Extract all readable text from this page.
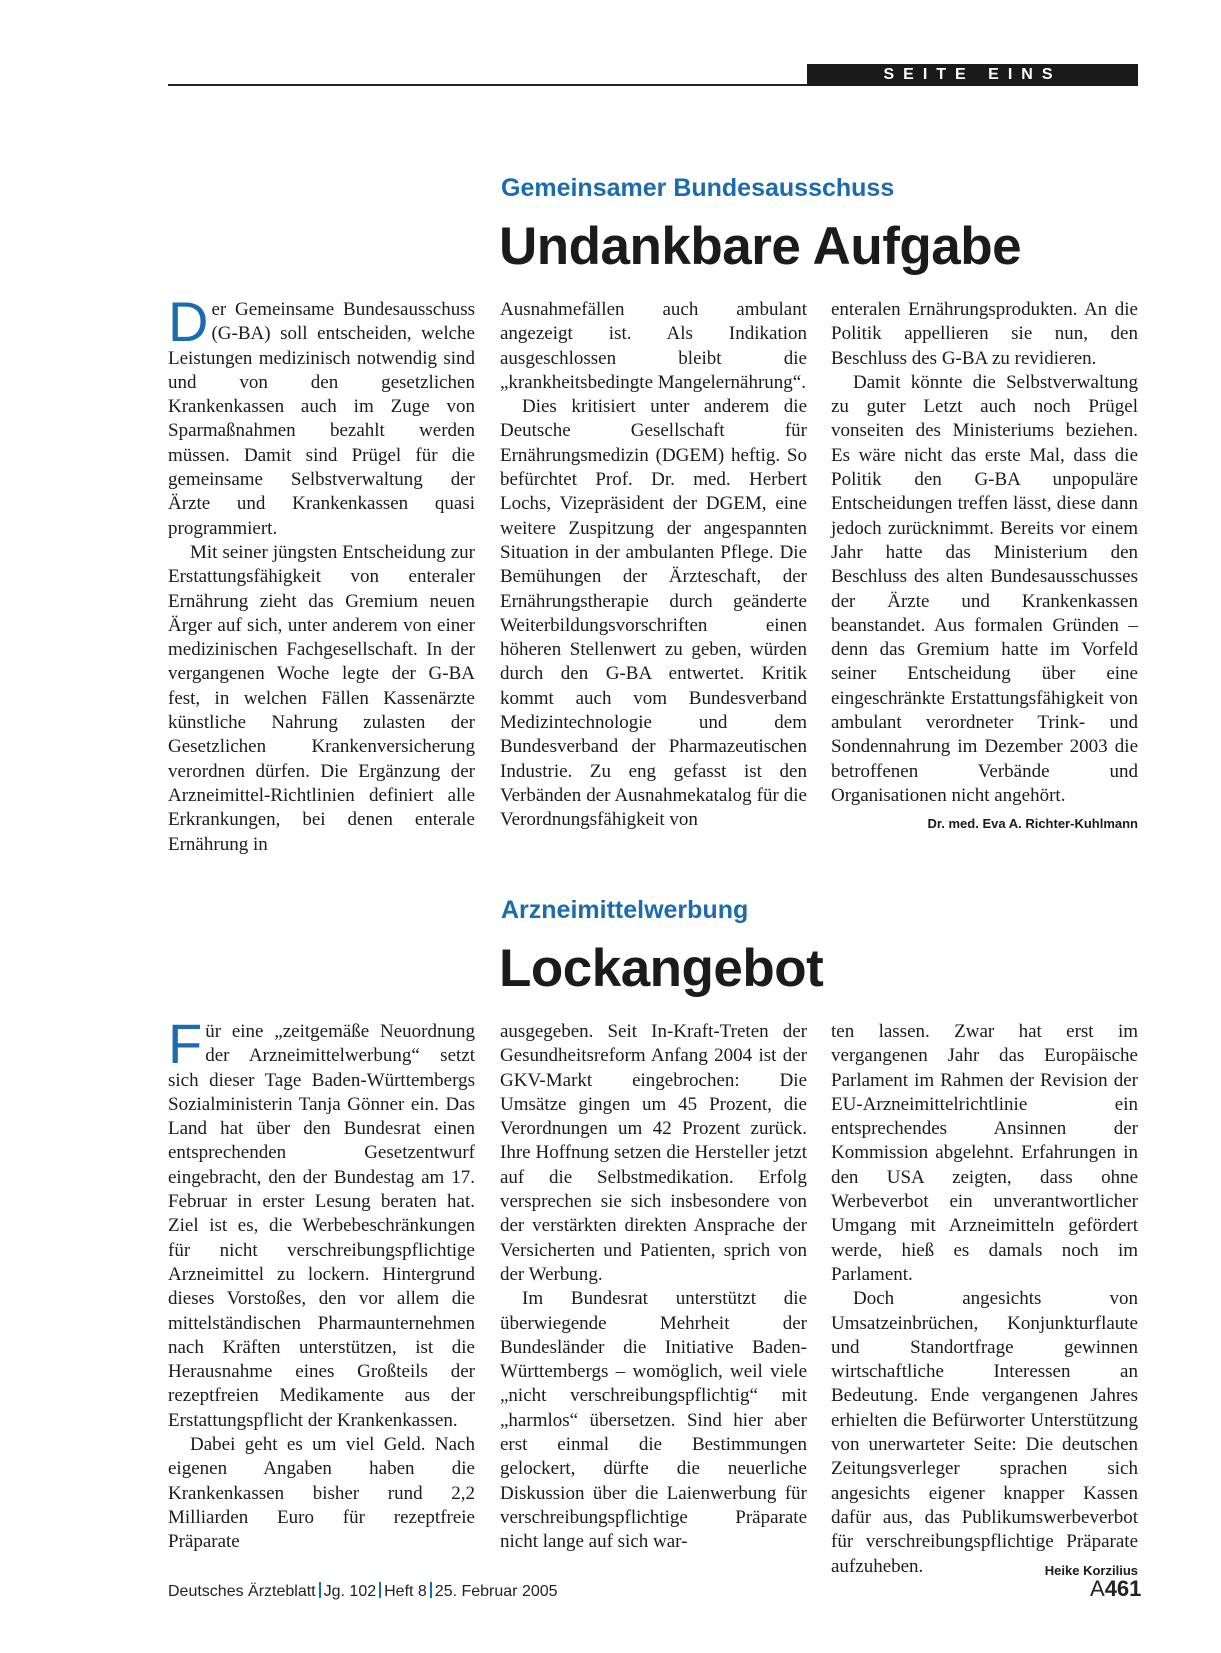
SEITE EINS
Gemeinsamer Bundesausschuss
Undankbare Aufgabe

Der Gemeinsame Bundesausschuss (G-BA) soll entscheiden, welche Leistungen medizinisch notwendig sind und von den gesetzlichen Krankenkassen auch im Zuge von Sparmaßnahmen bezahlt werden müssen. Damit sind Prügel für die gemeinsame Selbstverwaltung der Ärzte und Krankenkassen quasi programmiert.

Mit seiner jüngsten Entscheidung zur Erstattungsfähigkeit von enteraler Ernährung zieht das Gremium neuen Ärger auf sich, unter anderem von einer medizinischen Fachgesellschaft. In der vergangenen Woche legte der G-BA fest, in welchen Fällen Kassenärzte künstliche Nahrung zulasten der Gesetzlichen Krankenversicherung verordnen dürfen. Die Ergänzung der Arzneimittel-Richtlinien definiert alle Erkrankungen, bei denen enterale Ernährung in

Ausnahmefällen auch ambulant angezeigt ist. Als Indikation ausgeschlossen bleibt die „krankheitsbedingte Mangelernährung“.

Dies kritisiert unter anderem die Deutsche Gesellschaft für Ernährungsmedizin (DGEM) heftig. So befürchtet Prof. Dr. med. Herbert Lochs, Vizepräsident der DGEM, eine weitere Zuspitzung der angespannten Situation in der ambulanten Pflege. Die Bemühungen der Ärzteschaft, der Ernährungstherapie durch geänderte Weiterbildungsvorschriften einen höheren Stellenwert zu geben, würden durch den G-BA entwertet. Kritik kommt auch vom Bundesverband Medizintechnologie und dem Bundesverband der Pharmazeutischen Industrie. Zu eng gefasst ist den Verbänden der Ausnahmekatalog für die Verordnungsfähigkeit von

enteralen Ernährungsprodukten. An die Politik appellieren sie nun, den Beschluss des G-BA zu revidieren.

Damit könnte die Selbstverwaltung zu guter Letzt auch noch Prügel vonseiten des Ministeriums beziehen. Es wäre nicht das erste Mal, dass die Politik den G-BA unpopuläre Entscheidungen treffen lässt, diese dann jedoch zurücknimmt. Bereits vor einem Jahr hatte das Ministerium den Beschluss des alten Bundesausschusses der Ärzte und Krankenkassen beanstandet. Aus formalen Gründen – denn das Gremium hatte im Vorfeld seiner Entscheidung über eine eingeschränkte Erstattungsfähigkeit von ambulant verordneter Trink- und Sondennahrung im Dezember 2003 die betroffenen Verbände und Organisationen nicht angehört.
Dr. med. Eva A. Richter-Kuhlmann

Arzneimittelwerbung
Lockangebot

Für eine „zeitgemäße Neuordnung der Arzneimittelwerbung“ setzt sich dieser Tage Baden-Württembergs Sozialministerin Tanja Gönner ein. Das Land hat über den Bundesrat einen entsprechenden Gesetzentwurf eingebracht, den der Bundestag am 17. Februar in erster Lesung beraten hat. Ziel ist es, die Werbebeschränkungen für nicht verschreibungspflichtige Arzneimittel zu lockern. Hintergrund dieses Vorstoßes, den vor allem die mittelständischen Pharmaunternehmen nach Kräften unterstützen, ist die Herausnahme eines Großteils der rezeptfreien Medikamente aus der Erstattungspflicht der Krankenkassen.

Dabei geht es um viel Geld. Nach eigenen Angaben haben die Krankenkassen bisher rund 2,2 Milliarden Euro für rezeptfreie Präparate

ausgegeben. Seit In-Kraft-Treten der Gesundheitsreform Anfang 2004 ist der GKV-Markt eingebrochen: Die Umsätze gingen um 45 Prozent, die Verordnungen um 42 Prozent zurück. Ihre Hoffnung setzen die Hersteller jetzt auf die Selbstmedikation. Erfolg versprechen sie sich insbesondere von der verstärkten direkten Ansprache der Versicherten und Patienten, sprich von der Werbung.

Im Bundesrat unterstützt die überwiegende Mehrheit der Bundesländer die Initiative Baden-Württembergs – womöglich, weil viele „nicht verschreibungspflichtig“ mit „harmlos“ übersetzen. Sind hier aber erst einmal die Bestimmungen gelockert, dürfte die neuerliche Diskussion über die Laienwerbung für verschreibungspflichtige Präparate nicht lange auf sich war-

ten lassen. Zwar hat erst im vergangenen Jahr das Europäische Parlament im Rahmen der Revision der EU-Arzneimittelrichtlinie ein entsprechendes Ansinnen der Kommission abgelehnt. Erfahrungen in den USA zeigten, dass ohne Werbeverbot ein unverantwortlicher Umgang mit Arzneimitteln gefördert werde, hieß es damals noch im Parlament.

Doch angesichts von Umsatzeinbrüchen, Konjunkturflaute und Standortfrage gewinnen wirtschaftliche Interessen an Bedeutung. Ende vergangenen Jahres erhielten die Befürworter Unterstützung von unerwarteter Seite: Die deutschen Zeitungsverleger sprachen sich angesichts eigener knapper Kassen dafür aus, das Publikumswerbeverbot für verschreibungspflichtige Präparate aufzuheben.	Heike Korzilius

Deutsches Ärzteblatt Jg. 102 Heft 8 25. Februar 2005	A461
